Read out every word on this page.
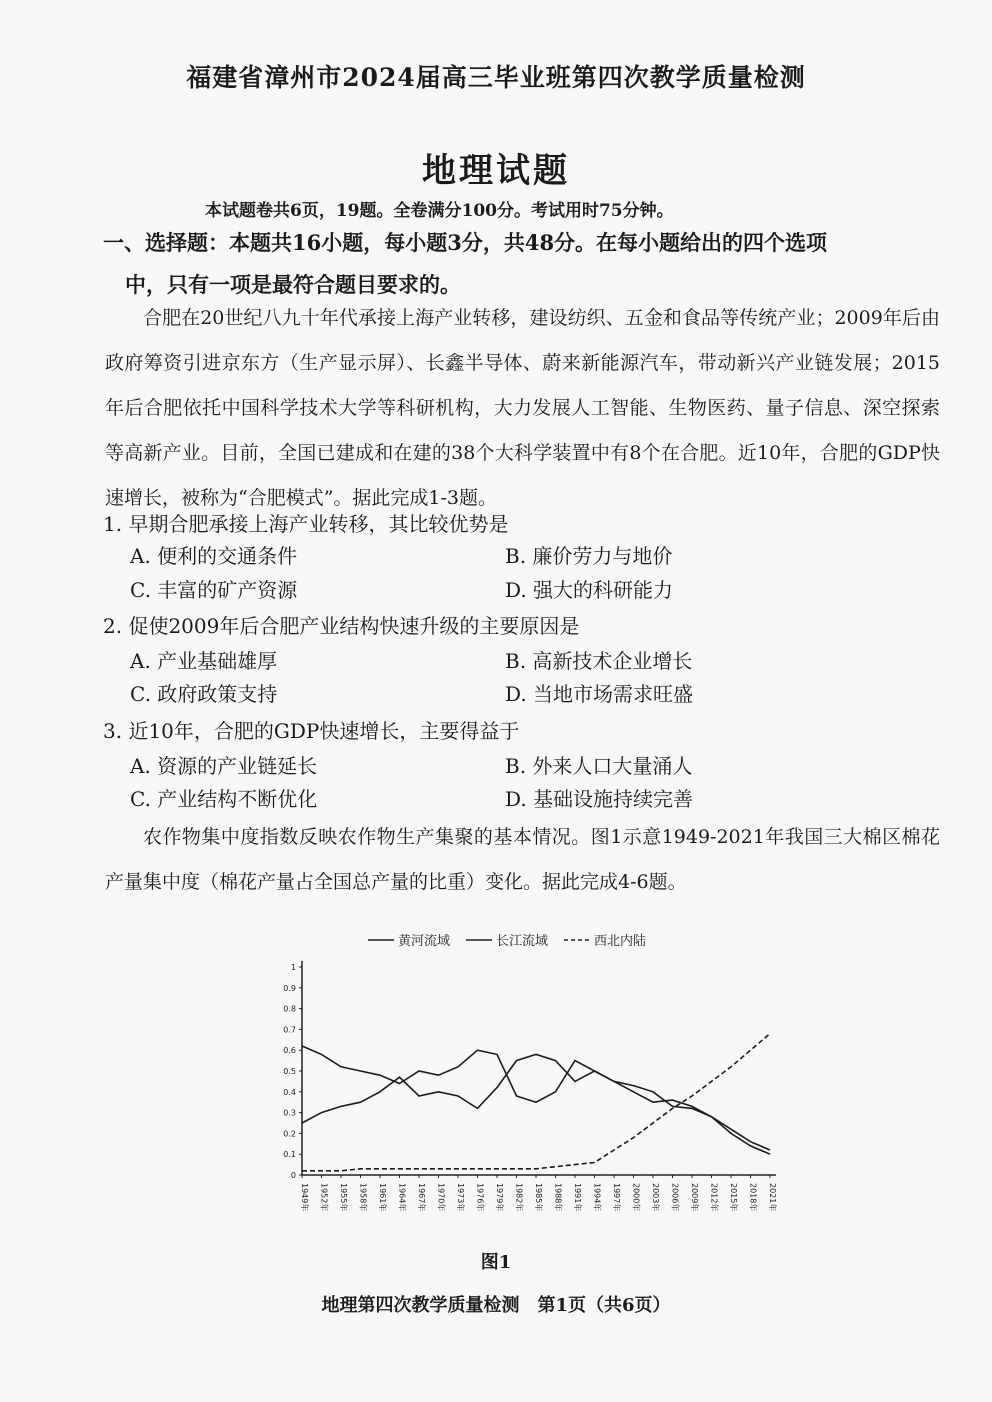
福建省漳州市2024届高三毕业班第四次教学质量检测
地理试题
本试题卷共6页，19题。全卷满分100分。考试用时75分钟。
一、选择题：本题共16小题，每小题3分，共48分。在每小题给出的四个选项
中，只有一项是最符合题目要求的。
合肥在20世纪八九十年代承接上海产业转移，建设纺织、五金和食品等传统产业；2009年后由政府筹资引进京东方（生产显示屏）、长鑫半导体、蔚来新能源汽车，带动新兴产业链发展；2015年后合肥依托中国科学技术大学等科研机构，大力发展人工智能、生物医药、量子信息、深空探索等高新产业。目前，全国已建成和在建的38个大科学装置中有8个在合肥。近10年，合肥的GDP快速增长，被称为“合肥模式”。据此完成1-3题。
1. 早期合肥承接上海产业转移，其比较优势是
A. 便利的交通条件	B. 廉价劳力与地价
C. 丰富的矿产资源	D. 强大的科研能力
2. 促使2009年后合肥产业结构快速升级的主要原因是
A. 产业基础雄厚	B. 高新技术企业增长
C. 政府政策支持	D. 当地市场需求旺盛
3. 近10年，合肥的GDP快速增长，主要得益于
A. 资源的产业链延长	B. 外来人口大量涌人
C. 产业结构不断优化	D. 基础设施持续完善
农作物集中度指数反映农作物生产集聚的基本情况。图1示意1949-2021年我国三大棉区棉花产量集中度（棉花产量占全国总产量的比重）变化。据此完成4-6题。
黄河流域	长江流域	西北内陆
0
0.1
0.2
0.3
0.4
0.5
0.6
0.7
0.8
0.9
1
1949年 1952年 1955年 1958年 1961年 1964年 1967年 1970年 1973年 1976年 1979年 1982年 1985年 1988年 1991年 1994年 1997年 2000年 2003年 2006年 2009年 2012年 2015年 2018年 2021年
图1
地理第四次教学质量检测　第1页（共6页）
